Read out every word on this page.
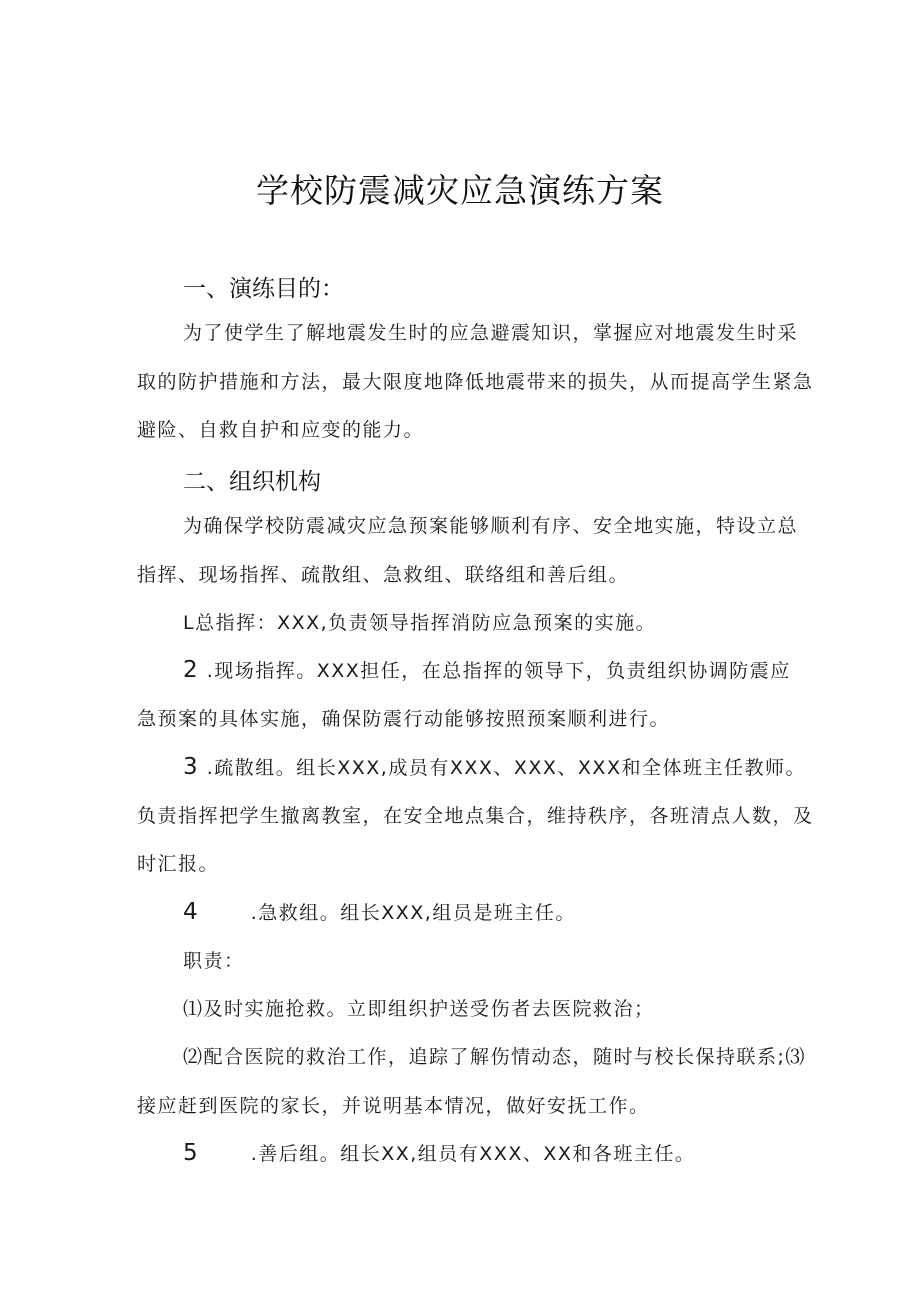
学校防震减灾应急演练方案
一、演练目的：
为了使学生了解地震发生时的应急避震知识，掌握应对地震发生时采
取的防护措施和方法，最大限度地降低地震带来的损失，从而提高学生紧急
避险、自救自护和应变的能力。
二、组织机构
为确保学校防震减灾应急预案能够顺利有序、安全地实施，特设立总
指挥、现场指挥、疏散组、急救组、联络组和善后组。
L总指挥：XXX,负责领导指挥消防应急预案的实施。
2 .现场指挥。XXX担任，在总指挥的领导下，负责组织协调防震应
急预案的具体实施，确保防震行动能够按照预案顺利进行。
3 .疏散组。组长XXX,成员有XXX、XXX、XXX和全体班主任教师。
负责指挥把学生撤离教室，在安全地点集合，维持秩序，各班清点人数，及
时汇报。
4	.急救组。组长XXX,组员是班主任。
职责：
⑴及时实施抢救。立即组织护送受伤者去医院救治；
⑵配合医院的救治工作，追踪了解伤情动态，随时与校长保持联系;⑶
接应赶到医院的家长，并说明基本情况，做好安抚工作。
5	.善后组。组长XX,组员有XXX、XX和各班主任。
